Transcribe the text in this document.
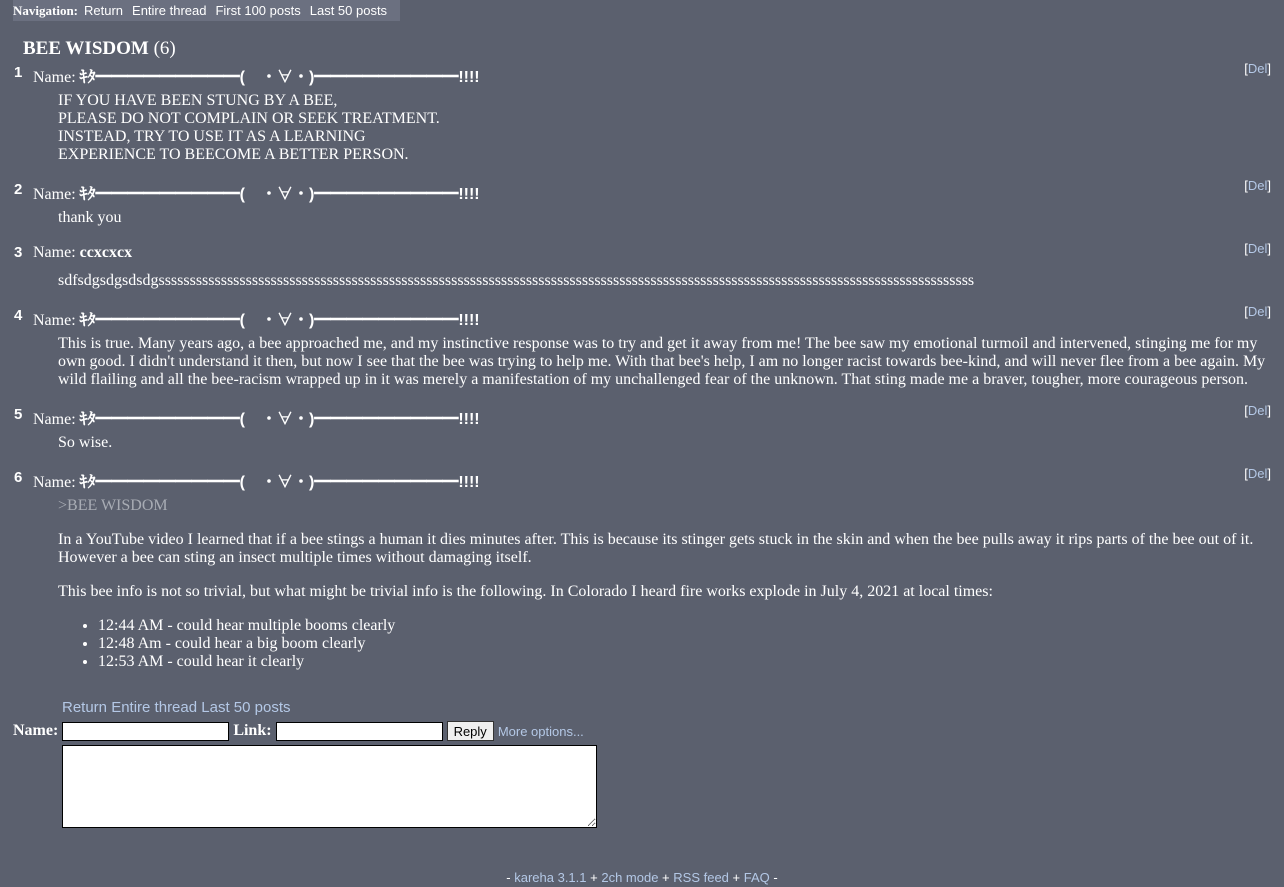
Navigation: Return Entire thread First 100 posts Last 50 posts
BEE WISDOM (6)
1 Name: ｷﾀ━━━━━━━━━(　・∀・)━━━━━━━━━!!!!
[Del]

IF YOU HAVE BEEN STUNG BY A BEE,

PLEASE DO NOT COMPLAIN OR SEEK TREATMENT.

INSTEAD, TRY TO USE IT AS A LEARNING

EXPERIENCE TO BEECOME A BETTER PERSON.

2 Name: ｷﾀ━━━━━━━━━(　・∀・)━━━━━━━━━!!!!
[Del]

thank you

3 Name: ccxcxcx	[Del]

sdfsdgsdgsdsdgsssssssssssssssssssssssssssssssssssssssssssssssssssssssssssssssssssssssssssssssssssssssssssssssssssssssssssssssssssssssssssssssssss

4 Name: ｷﾀ━━━━━━━━━(　・∀・)━━━━━━━━━!!!!
[Del]

This is true. Many years ago, a bee approached me, and my instinctive response was to try and get it away from me! The bee saw my emotional turmoil and intervened, stinging me for my own good. I didn't understand it then, but now I see that the bee was trying to help me. With that bee's help, I am no longer racist towards bee-kind, and will never flee from a bee again. My wild flailing and all the bee-racism wrapped up in it was merely a manifestation of my unchallenged fear of the unknown. That sting made me a braver, tougher, more courageous person.

5 Name: ｷﾀ━━━━━━━━━(　・∀・)━━━━━━━━━!!!!
[Del]

So wise.

6 Name: ｷﾀ━━━━━━━━━(　・∀・)━━━━━━━━━!!!!
[Del]

>BEE WISDOM

In a YouTube video I learned that if a bee stings a human it dies minutes after. This is because its stinger gets stuck in the skin and when the bee pulls away it rips parts of the bee out of it. However a bee can sting an insect multiple times without damaging itself.

This bee info is not so trivial, but what might be trivial info is the following. In Colorado I heard fire works explode in July 4, 2021 at local times:

• 12:44 AM - could hear multiple booms clearly
• 12:48 Am - could hear a big boom clearly
• 12:53 AM - could hear it clearly
Return Entire thread Last 50 posts
Name:	Link:	Reply More options...
- kareha 3.1.1 + 2ch mode + RSS feed + FAQ -
